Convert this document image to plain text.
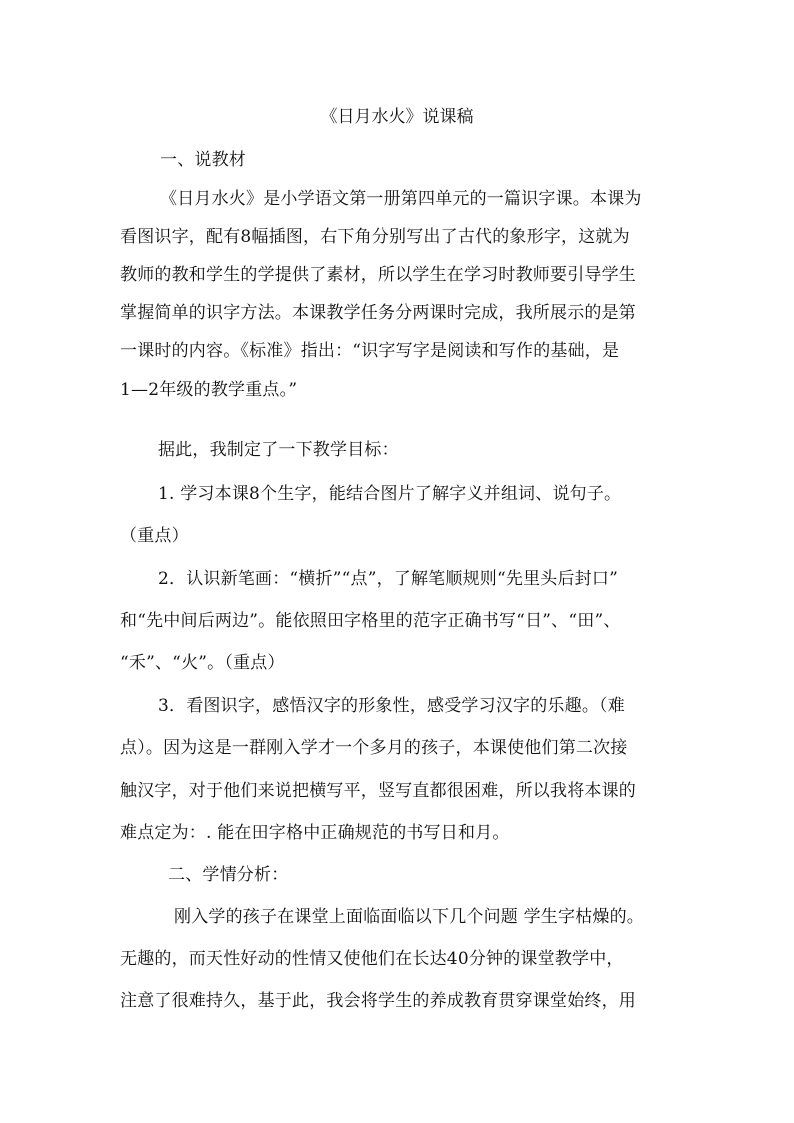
《日月水火》说课稿
一、说教材
《日月水火》是小学语文第一册第四单元的一篇识字课。本课为
看图识字，配有8幅插图，右下角分别写出了古代的象形字，这就为
教师的教和学生的学提供了素材，所以学生在学习时教师要引导学生
掌握简单的识字方法。本课教学任务分两课时完成，我所展示的是第
一课时的内容。《标准》指出：“识字写字是阅读和写作的基础，是
1—2年级的教学重点。”
据此，我制定了一下教学目标：
1. 学习本课8个生字，能结合图片了解字义并组词、说句子。
（重点）
2．认识新笔画：“横折”“点”，了解笔顺规则“先里头后封口”
和“先中间后两边”。能依照田字格里的范字正确书写“日”、“田”、
“禾”、“火”。（重点）
3．看图识字，感悟汉字的形象性，感受学习汉字的乐趣。（难
点）。因为这是一群刚入学才一个多月的孩子，本课使他们第二次接
触汉字，对于他们来说把横写平，竖写直都很困难，所以我将本课的
难点定为：. 能在田字格中正确规范的书写日和月。
二、学情分析：
刚入学的孩子在课堂上面临面临以下几个问题 学生字枯燥的。
无趣的，而天性好动的性情又使他们在长达40分钟的课堂教学中，
注意了很难持久，基于此，我会将学生的养成教育贯穿课堂始终，用
